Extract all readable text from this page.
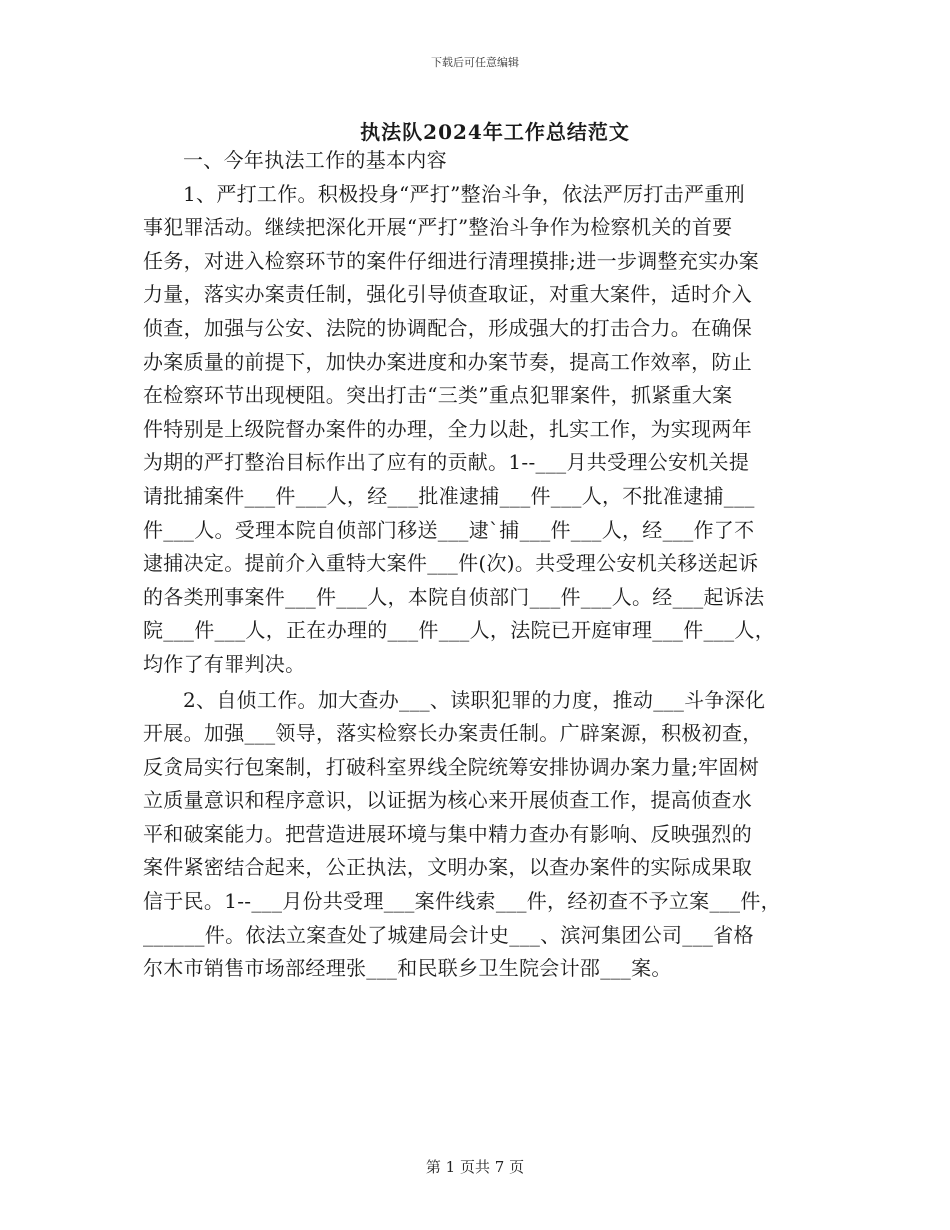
下载后可任意编辑
执法队2024年工作总结范文
一、今年执法工作的基本内容
1、严打工作。积极投身“严打”整治斗争，依法严厉打击严重刑
事犯罪活动。继续把深化开展“严打”整治斗争作为检察机关的首要
任务，对进入检察环节的案件仔细进行清理摸排;进一步调整充实办案
力量，落实办案责任制，强化引导侦查取证，对重大案件，适时介入
侦查，加强与公安、法院的协调配合，形成强大的打击合力。在确保
办案质量的前提下，加快办案进度和办案节奏，提高工作效率，防止
在检察环节出现梗阻。突出打击“三类”重点犯罪案件，抓紧重大案
件特别是上级院督办案件的办理，全力以赴，扎实工作，为实现两年
为期的严打整治目标作出了应有的贡献。1--___月共受理公安机关提
请批捕案件___件___人，经___批准逮捕___件___人，不批准逮捕___
件___人。受理本院自侦部门移送___逮`捕___件___人，经___作了不
逮捕决定。提前介入重特大案件___件(次)。共受理公安机关移送起诉
的各类刑事案件___件___人，本院自侦部门___件___人。经___起诉法
院___件___人，正在办理的___件___人，法院已开庭审理___件___人，
均作了有罪判决。
2、自侦工作。加大查办___、读职犯罪的力度，推动___斗争深化
开展。加强___领导，落实检察长办案责任制。广辟案源，积极初查，
反贪局实行包案制，打破科室界线全院统筹安排协调办案力量;牢固树
立质量意识和程序意识，以证据为核心来开展侦查工作，提高侦查水
平和破案能力。把营造进展环境与集中精力查办有影响、反映强烈的
案件紧密结合起来，公正执法，文明办案，以查办案件的实际成果取
信于民。1--___月份共受理___案件线索___件，经初查不予立案___件，
______件。依法立案查处了城建局会计史___、滨河集团公司___省格
尔木市销售市场部经理张___和民联乡卫生院会计邵___案。
第 1 页共 7 页
